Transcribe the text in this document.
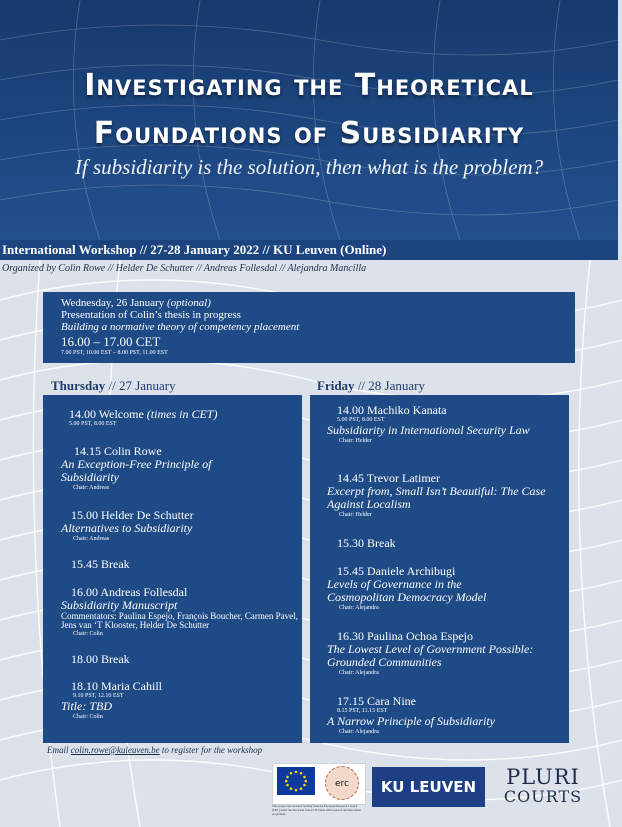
Investigating the Theoretical
Foundations of Subsidiarity
If subsidiarity is the solution, then what is the problem?
International Workshop // 27-28 January 2022 // KU Leuven (Online)
Organized by Colin Rowe // Helder De Schutter // Andreas Follesdal // Alejandra Mancilla
Wednesday, 26 January (optional)
Presentation of Colin’s thesis in progress
Building a normative theory of competency placement
16.00 – 17.00 CET
7.00 PST, 10.00 EST – 8.00 PST, 11.00 EST
Thursday // 27 January	Friday // 28 January
14.00 Welcome (times in CET)
5.00 PST, 8.00 EST
14.15 Colin Rowe
An Exception-Free Principle of Subsidiarity
Chair: Andreas
15.00 Helder De Schutter
Alternatives to Subsidiarity
Chair: Andreas
15.45 Break
16.00 Andreas Follesdal
Subsidiarity Manuscript
Commentators: Paulina Espejo, François Boucher, Carmen Pavel, Jens van ‘T Klooster, Helder De Schutter
Chair: Colin
18.00 Break
18.10 Maria Cahill
9.10 PST, 12.10 EST
Title: TBD
Chair: Colin
14.00 Machiko Kanata
5.00 PST, 8.00 EST
Subsidiarity in International Security Law
Chair: Helder
14.45 Trevor Latimer
Excerpt from, Small Isn’t Beautiful: The Case Against Localism
Chair: Helder
15.30 Break
15.45 Daniele Archibugi
Levels of Governance in the Cosmopolitan Democracy Model
Chair: Alejandra
16.30 Paulina Ochoa Espejo
The Lowest Level of Government Possible: Grounded Communities
Chair: Alejandra
17.15 Cara Nine
8.15 PST, 11.15 EST
A Narrow Principle of Subsidiarity
Chair: Alejandra
Email colin.rowe@kuleuven.be to register for the workshop
erc
This project has received funding from the European Research Council (ERC) under the European Union’s Horizon 2020 research and innovation programme
KU LEUVEN	PLURI
COURTS
